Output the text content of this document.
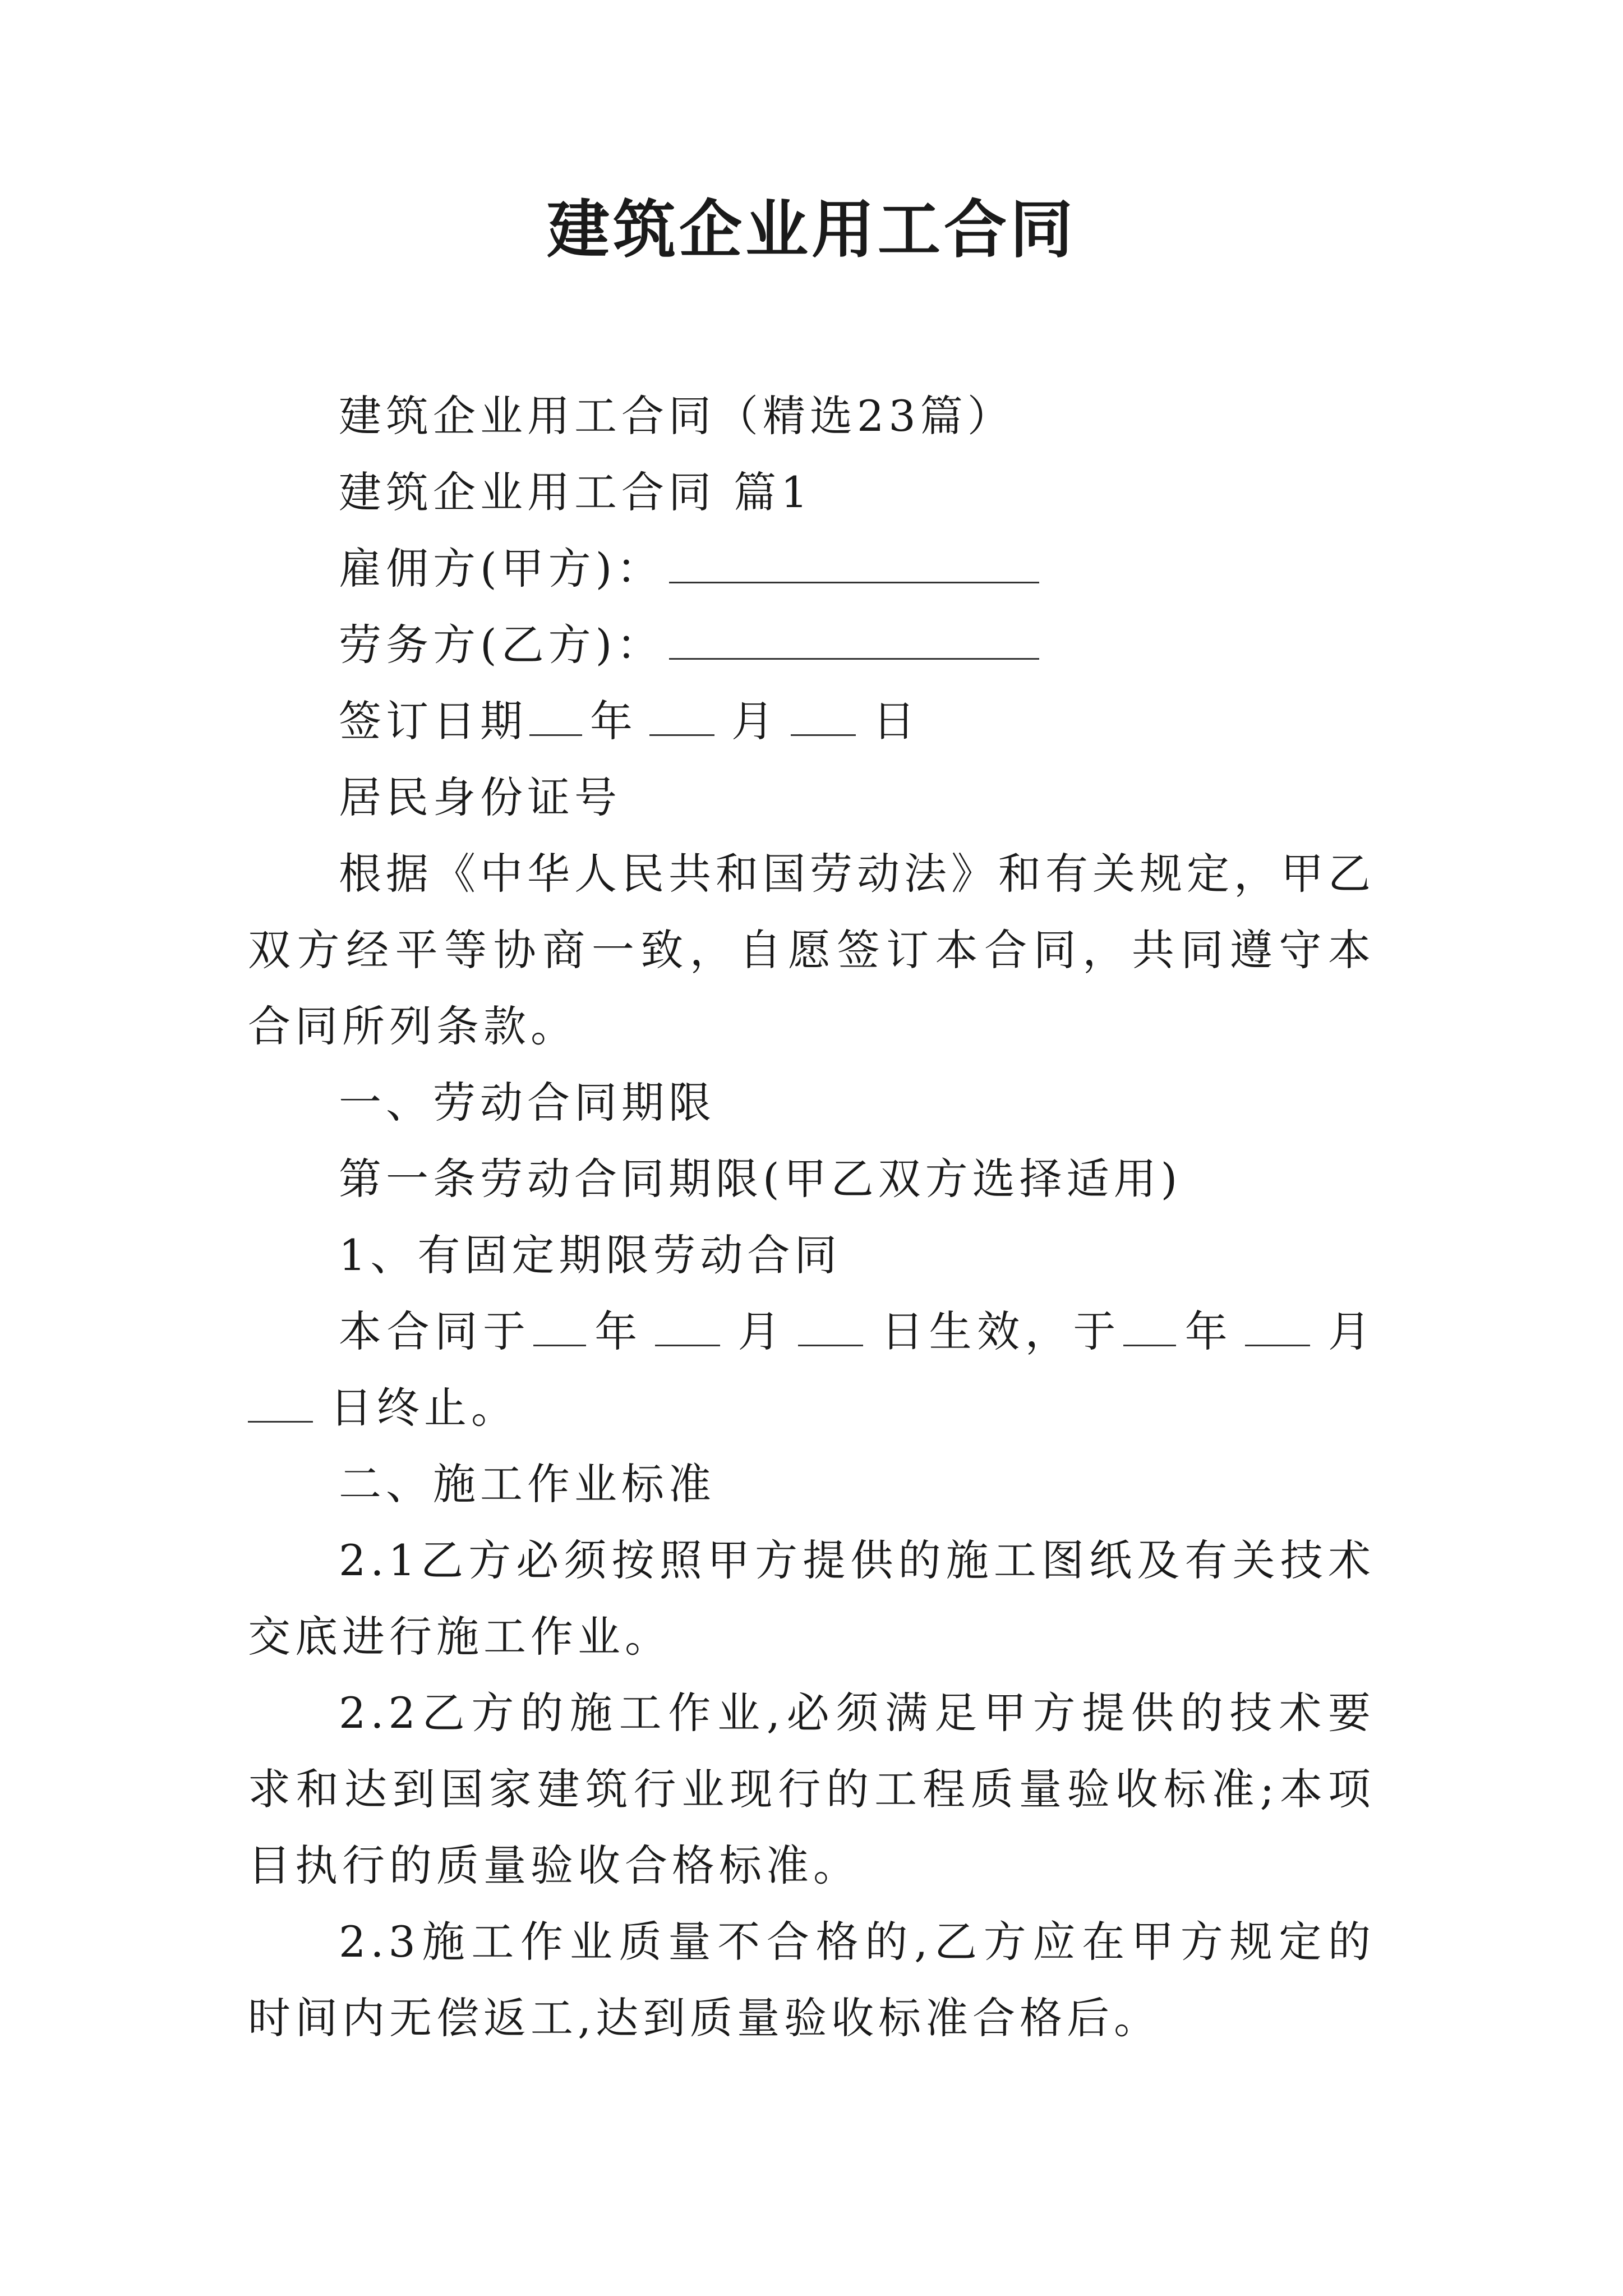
建筑企业用工合同

建筑企业用工合同（精选23篇）

建筑企业用工合同 篇1

雇佣方(甲方)：

劳务方(乙方)：

签订日期 年 月 日

居民身份证号

根据《中华人民共和国劳动法》和有关规定，甲乙双方经平等协商一致，自愿签订本合同，共同遵守本合同所列条款。

一、劳动合同期限

第一条劳动合同期限(甲乙双方选择适用)

1、有固定期限劳动合同

本合同于 年 月 日生效，于 年 月日终止。

二、施工作业标准

2.1乙方必须按照甲方提供的施工图纸及有关技术交底进行施工作业。

2.2乙方的施工作业,必须满足甲方提供的技术要求和达到国家建筑行业现行的工程质量验收标准;本项目执行的质量验收合格标准。

2.3施工作业质量不合格的,乙方应在甲方规定的时间内无偿返工,达到质量验收标准合格后。
